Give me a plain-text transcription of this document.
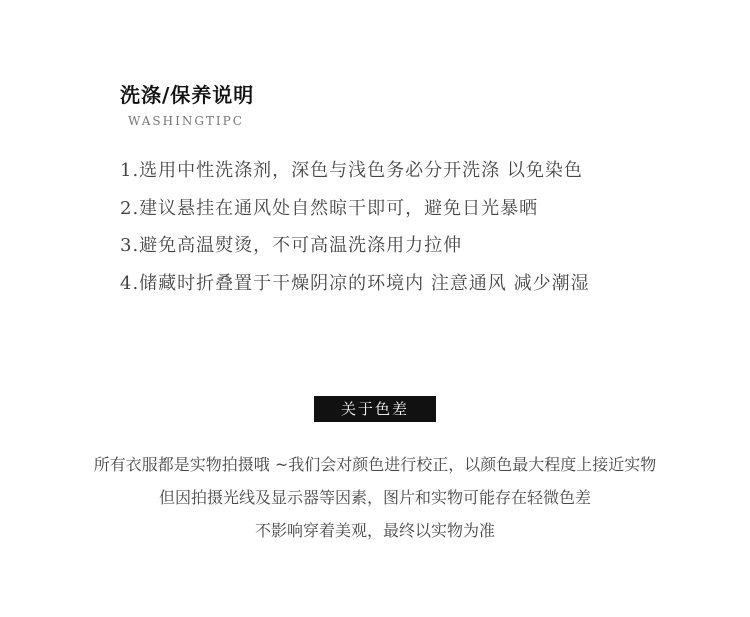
洗涤/保养说明
WASHINGTIPC
1.选用中性洗涤剂，深色与浅色务必分开洗涤 以免染色
2.建议悬挂在通风处自然晾干即可，避免日光暴晒
3.避免高温熨烫，不可高温洗涤用力拉伸
4.储藏时折叠置于干燥阴凉的环境内 注意通风 减少潮湿
关于色差
所有衣服都是实物拍摄哦 ~我们会对颜色进行校正，以颜色最大程度上接近实物
但因拍摄光线及显示器等因素，图片和实物可能存在轻微色差
不影响穿着美观，最终以实物为准
